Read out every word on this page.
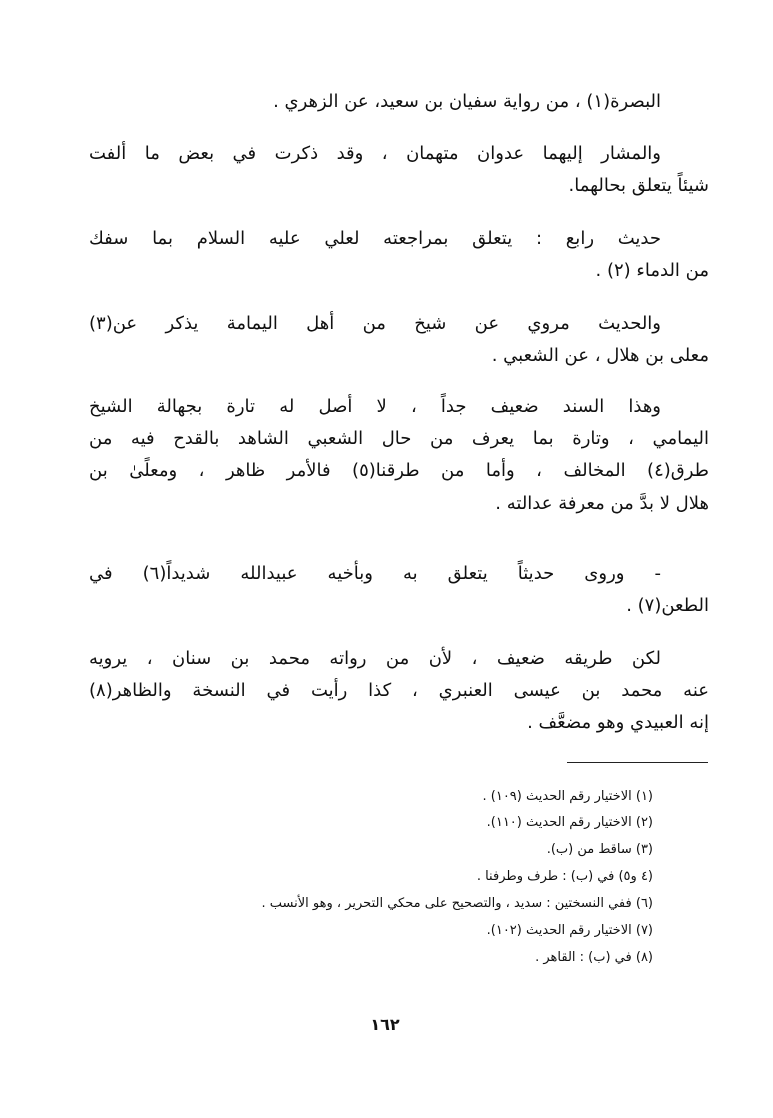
البصرة(١) ، من رواية سفيان بن سعيد، عن الزهري .
والمشار إليهما عدوان متهمان ، وقد ذكرت في بعض ما ألفت
شيئاً يتعلق بحالهما.
حديث رابع : يتعلق بمراجعته لعلي عليه السلام بما سفك
من الدماء (٢) .
والحديث مروي عن شيخ من أهل اليمامة يذكر عن(٣)
معلى بن هلال ، عن الشعبي .
وهذا السند ضعيف جداً ، لا أصل له تارة بجهالة الشيخ
اليمامي ، وتارة بما يعرف من حال الشعبي الشاهد بالقدح فيه من
طرق(٤) المخالف ، وأما من طرقنا(٥) فالأمر ظاهر ، ومعلًىٰ بن
هلال لا بدَّ من معرفة عدالته .
- وروى حديثاً يتعلق به وبأخيه عبيدالله شديداً(٦) في
الطعن(٧) .
لكن طريقه ضعيف ، لأن من رواته محمد بن سنان ، يرويه
عنه محمد بن عيسى العنبري ، كذا رأيت في النسخة والظاهر(٨)
إنه العبيدي وهو مضعَّف .
(١) الاختيار رقم الحديث (١٠٩) .
(٢) الاختيار رقم الحديث (١١٠).
(٣) ساقط من (ب).
(٤ و٥) في (ب) : طرف وطرفنا .
(٦) ففي النسختين : سديد ، والتصحيح على محكي التحرير ، وهو الأنسب .
(٧) الاختيار رقم الحديث (١٠٢).
(٨) في (ب) : القاهر .
١٦٢
